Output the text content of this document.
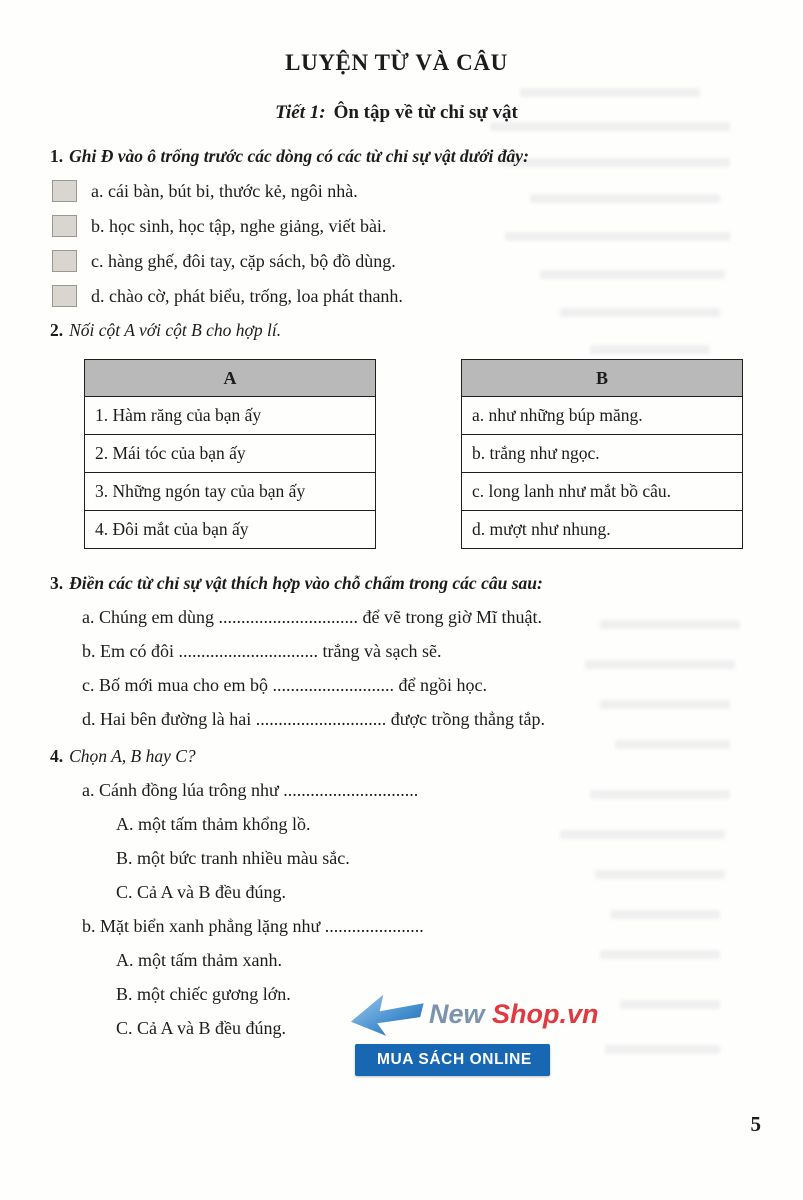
LUYỆN TỪ VÀ CÂU
Tiết 1: Ôn tập về từ chỉ sự vật
1. Ghi Đ vào ô trống trước các dòng có các từ chỉ sự vật dưới đây:
a. cái bàn, bút bi, thước kẻ, ngôi nhà.
b. học sinh, học tập, nghe giảng, viết bài.
c. hàng ghế, đôi tay, cặp sách, bộ đồ dùng.
d. chào cờ, phát biểu, trống, loa phát thanh.
2. Nối cột A với cột B cho hợp lí.
A
1. Hàm răng của bạn ấy
2. Mái tóc của bạn ấy
3. Những ngón tay của bạn ấy
4. Đôi mắt của bạn ấy
B
a. như những búp măng.
b. trắng như ngọc.
c. long lanh như mắt bồ câu.
d. mượt như nhung.
3. Điền các từ chỉ sự vật thích hợp vào chỗ chấm trong các câu sau:
a. Chúng em dùng ............................... để vẽ trong giờ Mĩ thuật.
b. Em có đôi ............................... trắng và sạch sẽ.
c. Bố mới mua cho em bộ ........................... để ngồi học.
d. Hai bên đường là hai ............................. được trồng thẳng tắp.
4. Chọn A, B hay C?
a. Cánh đồng lúa trông như ..............................
A. một tấm thảm khổng lồ.
B. một bức tranh nhiều màu sắc.
C. Cả A và B đều đúng.
b. Mặt biển xanh phẳng lặng như ......................
A. một tấm thảm xanh.
B. một chiếc gương lớn.
C. Cả A và B đều đúng.	New Shop.vn
MUA SÁCH ONLINE
5
